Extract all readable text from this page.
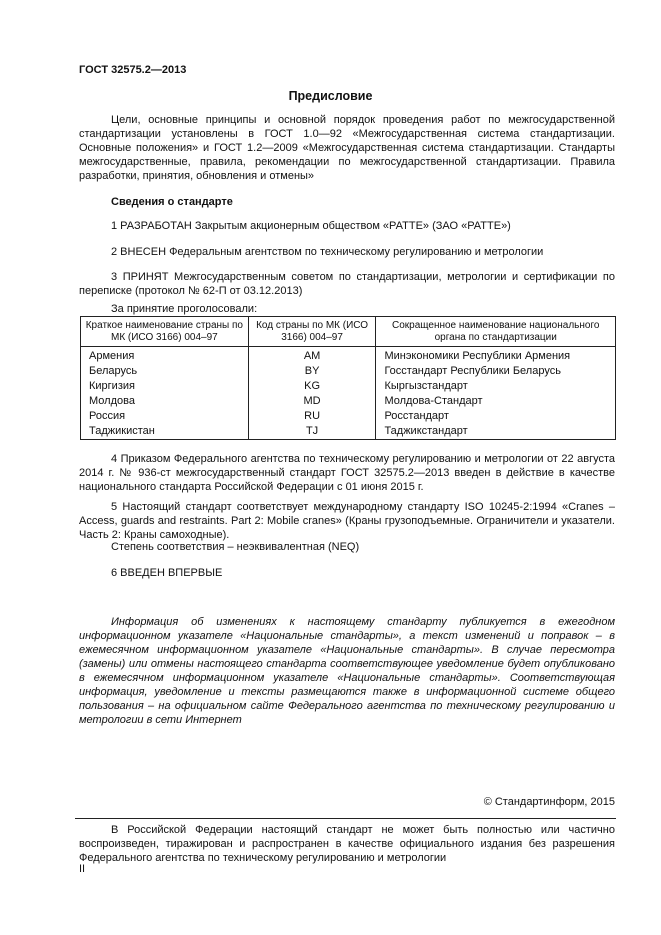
ГОСТ 32575.2—2013
Предисловие
Цели, основные принципы и основной порядок проведения работ по межгосударственной стандартизации установлены в ГОСТ 1.0—92 «Межгосударственная система стандартизации. Основные положения» и ГОСТ 1.2—2009 «Межгосударственная система стандартизации. Стандарты межгосударственные, правила, рекомендации по межгосударственной стандартизации. Правила разработки, принятия, обновления и отмены»
Сведения о стандарте
1 РАЗРАБОТАН Закрытым акционерным обществом «РАТТЕ» (ЗАО «РАТТЕ»)
2 ВНЕСЕН Федеральным агентством по техническому регулированию и метрологии
3 ПРИНЯТ Межгосударственным советом по стандартизации, метрологии и сертификации по переписке (протокол № 62-П от 03.12.2013)
За принятие проголосовали:
Краткое наименование страны по МК (ИСО 3166) 004–97	Код страны по МК (ИСО 3166) 004–97	Сокращенное наименование национального органа по стандартизации
Армения	AM	Минэкономики Республики Армения
Беларусь	BY	Госстандарт Республики Беларусь
Киргизия	KG	Кыргызстандарт
Молдова	MD	Молдова-Стандарт
Россия	RU	Росстандарт
Таджикистан	TJ	Таджикстандарт
4 Приказом Федерального агентства по техническому регулированию и метрологии от 22 августа 2014 г. № 936-ст межгосударственный стандарт ГОСТ 32575.2—2013 введен в действие в качестве национального стандарта Российской Федерации с 01 июня 2015 г.
5 Настоящий стандарт соответствует международному стандарту ISO 10245-2:1994 «Cranes – Access, guards and restraints. Part 2: Mobile cranes» (Краны грузоподъемные. Ограничители и указатели. Часть 2: Краны самоходные).
Степень соответствия – неэквивалентная (NEQ)
6 ВВЕДЕН ВПЕРВЫЕ
Информация об изменениях к настоящему стандарту публикуется в ежегодном информационном указателе «Национальные стандарты», а текст изменений и поправок – в ежемесячном информационном указателе «Национальные стандарты». В случае пересмотра (замены) или отмены настоящего стандарта соответствующее уведомление будет опубликовано в ежемесячном информационном указателе «Национальные стандарты». Соответствующая информация, уведомление и тексты размещаются также в информационной системе общего пользования – на официальном сайте Федерального агентства по техническому регулированию и метрологии в сети Интернет
© Стандартинформ, 2015
В Российской Федерации настоящий стандарт не может быть полностью или частично воспроизведен, тиражирован и распространен в качестве официального издания без разрешения Федерального агентства по техническому регулированию и метрологии
II
